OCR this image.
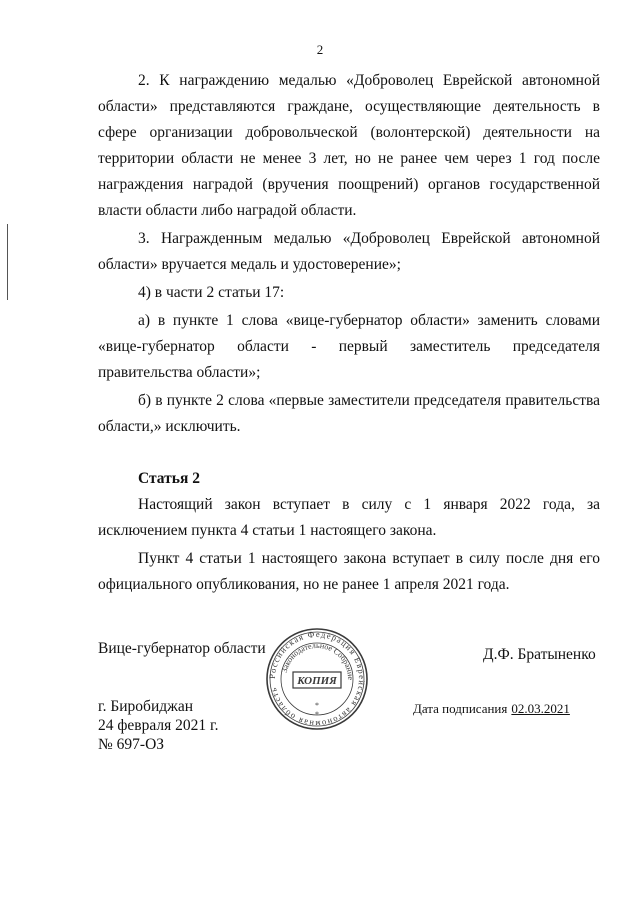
2

2. К награждению медалью «Доброволец Еврейской автономной области» представляются граждане, осуществляющие деятельность в сфере организации добровольческой (волонтерской) деятельности на территории области не менее 3 лет, но не ранее чем через 1 год после награждения наградой (вручения поощрений) органов государственной власти области либо наградой области.

3. Награжденным медалью «Доброволец Еврейской автономной области» вручается медаль и удостоверение»;

4) в части 2 статьи 17:

а) в пункте 1 слова «вице-губернатор области» заменить словами «вице-губернатор области - первый заместитель председателя правительства области»;

б) в пункте 2 слова «первые заместители председателя правительства области,» исключить.

Статья 2

Настоящий закон вступает в силу с 1 января 2022 года, за исключением пункта 4 статьи 1 настоящего закона.

Пункт 4 статьи 1 настоящего закона вступает в силу после дня его официального опубликования, но не ранее 1 апреля 2021 года.

Вице-губернатор области	Д.Ф. Братыненко
г. Биробиджан
24 февраля 2021 г.
№ 697-ОЗ
Дата подписания 02.03.2021
Российская Федерация Еврейская автономная область
Законодательное Собрание
КОПИЯ
*
*
